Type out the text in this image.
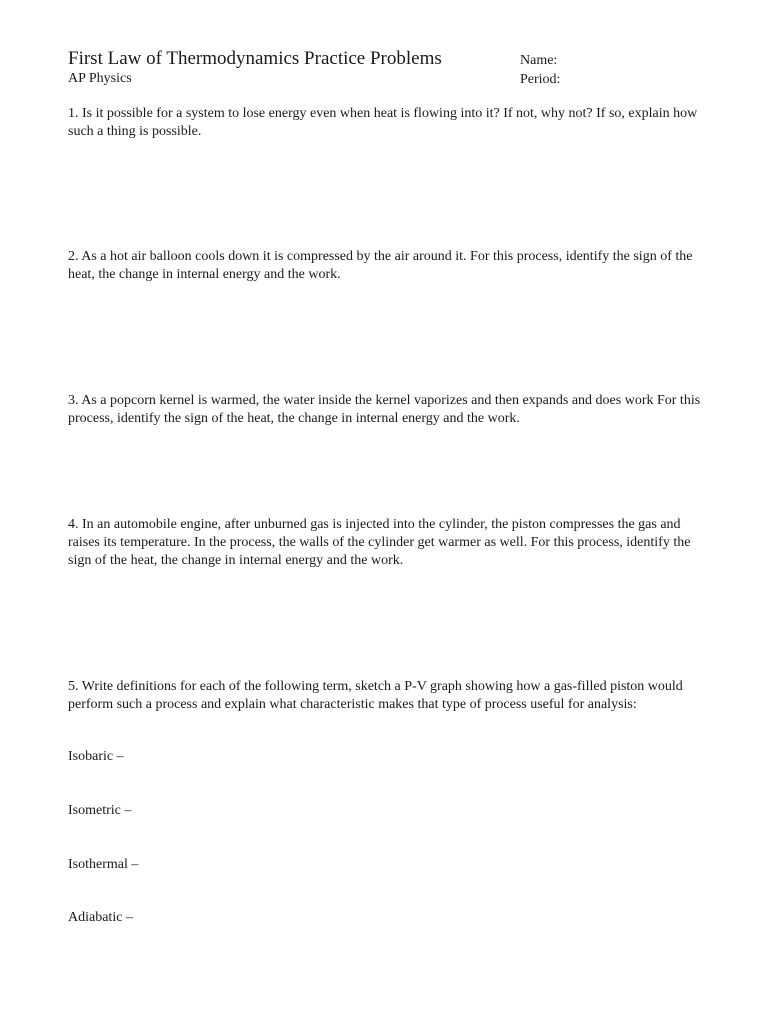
First Law of Thermodynamics Practice Problems
AP Physics
Name:
Period:

1. Is it possible for a system to lose energy even when heat is flowing into it? If not, why not? If so, explain how such a thing is possible.

2. As a hot air balloon cools down it is compressed by the air around it. For this process, identify the sign of the heat, the change in internal energy and the work.

3. As a popcorn kernel is warmed, the water inside the kernel vaporizes and then expands and does work For this process, identify the sign of the heat, the change in internal energy and the work.

4. In an automobile engine, after unburned gas is injected into the cylinder, the piston compresses the gas and raises its temperature. In the process, the walls of the cylinder get warmer as well. For this process, identify the sign of the heat, the change in internal energy and the work.

5. Write definitions for each of the following term, sketch a P-V graph showing how a gas-filled piston would perform such a process and explain what characteristic makes that type of process useful for analysis:

Isobaric –
Isometric –
Isothermal –
Adiabatic –
